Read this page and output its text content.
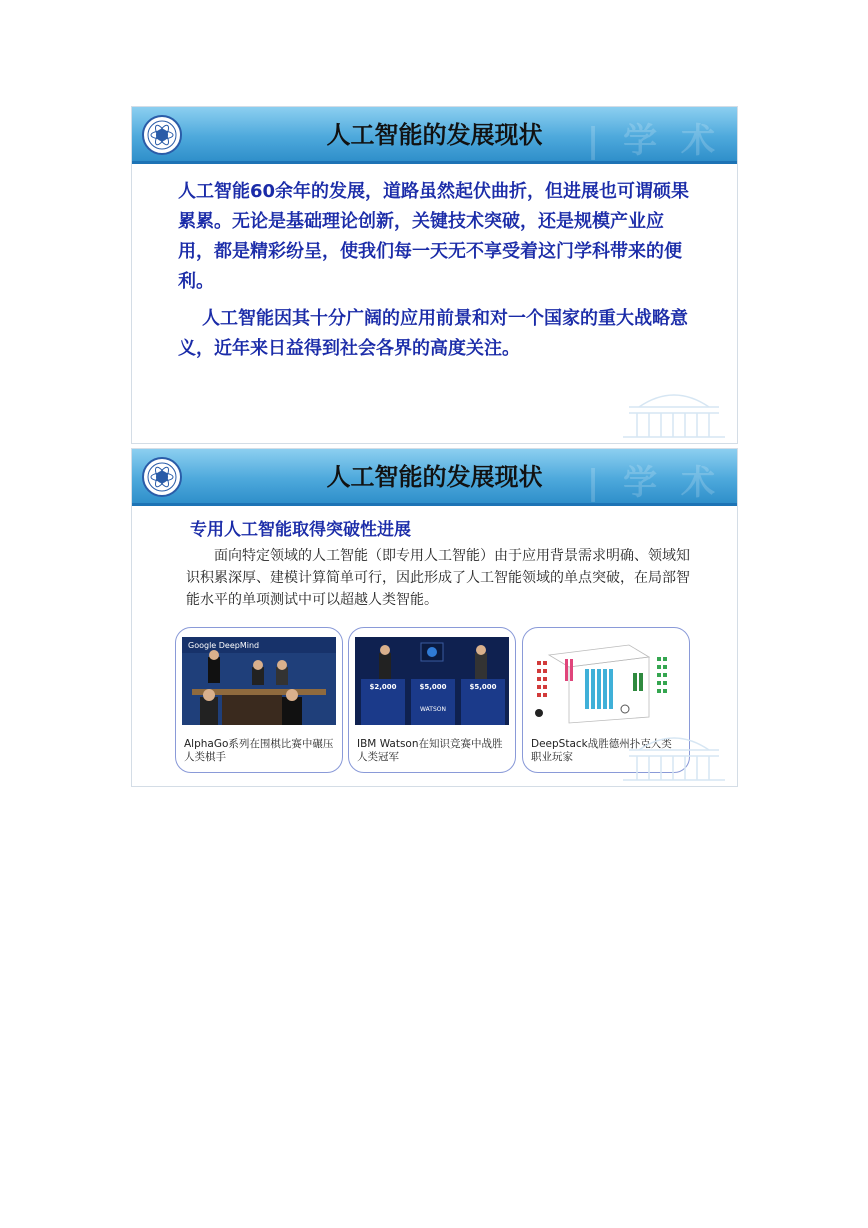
| 学 术
人工智能的发展现状

人工智能60余年的发展，道路虽然起伏曲折，但进展也可谓硕果累累。无论是基础理论创新，关键技术突破，还是规模产业应用，都是精彩纷呈，使我们每一天无不享受着这门学科带来的便利。

人工智能因其十分广阔的应用前景和对一个国家的重大战略意义，近年来日益得到社会各界的高度关注。

| 学 术
人工智能的发展现状
专用人工智能取得突破性进展

面向特定领域的人工智能（即专用人工智能）由于应用背景需求明确、领域知识积累深厚、建模计算简单可行，因此形成了人工智能领域的单点突破，在局部智能水平的单项测试中可以超越人类智能。

Google DeepMind
AlphaGo系列在围棋比赛中碾压人类棋手
$2,000	$5,000	$5,000
WATSON
IBM Watson在知识竞赛中战胜人类冠军
DeepStack战胜德州扑克人类职业玩家
